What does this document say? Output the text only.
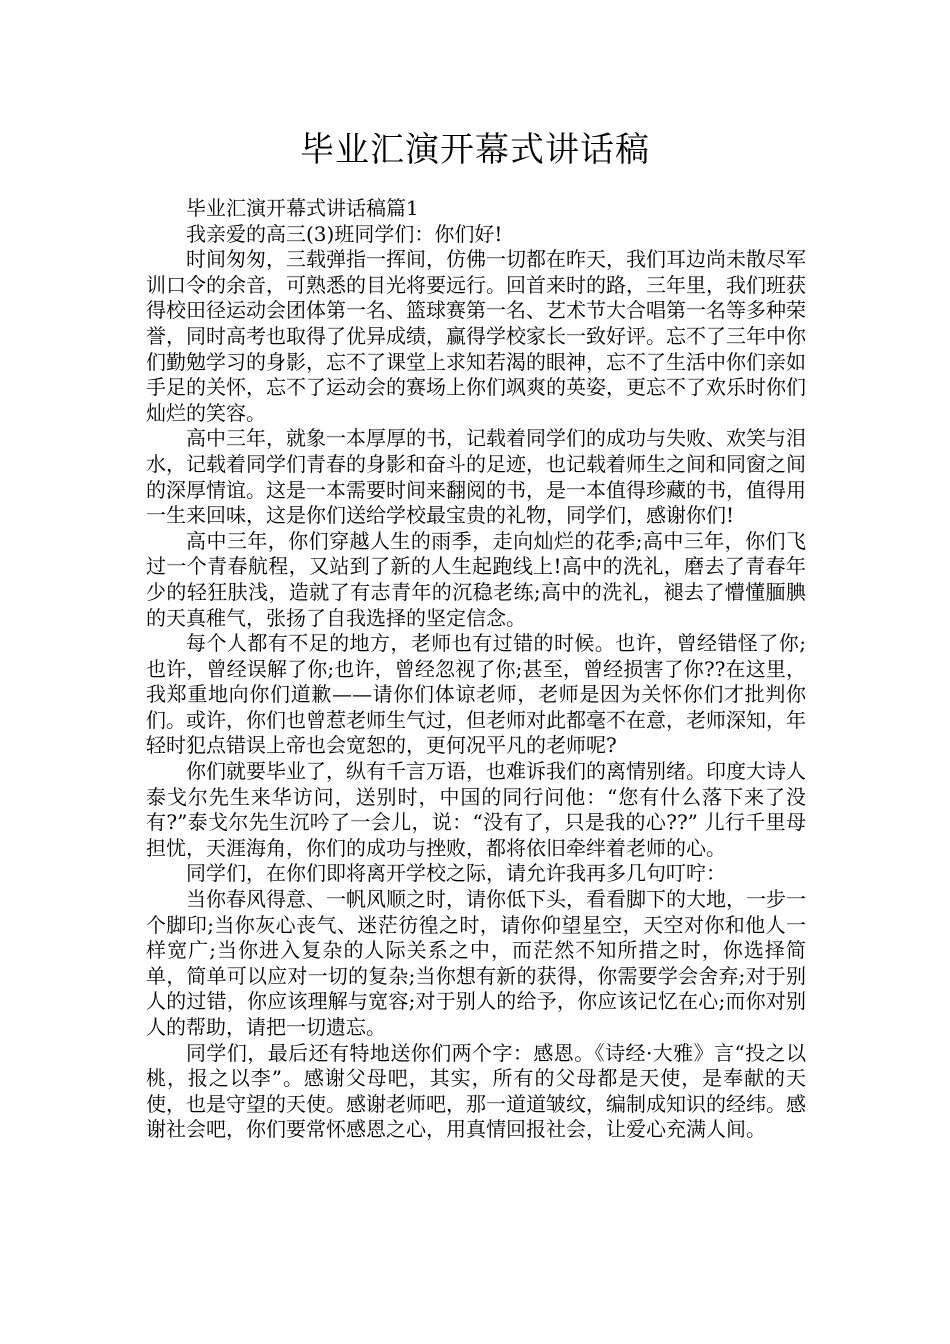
毕业汇演开幕式讲话稿

毕业汇演开幕式讲话稿篇1

我亲爱的高三(3)班同学们：你们好!

时间匆匆，三载弹指一挥间，仿佛一切都在昨天，我们耳边尚未散尽军训口令的余音，可熟悉的目光将要远行。回首来时的路，三年里，我们班获得校田径运动会团体第一名、篮球赛第一名、艺术节大合唱第一名等多种荣誉，同时高考也取得了优异成绩，赢得学校家长一致好评。忘不了三年中你们勤勉学习的身影，忘不了课堂上求知若渴的眼神，忘不了生活中你们亲如手足的关怀，忘不了运动会的赛场上你们飒爽的英姿，更忘不了欢乐时你们灿烂的笑容。

高中三年，就象一本厚厚的书，记载着同学们的成功与失败、欢笑与泪水，记载着同学们青春的身影和奋斗的足迹，也记载着师生之间和同窗之间的深厚情谊。这是一本需要时间来翻阅的书，是一本值得珍藏的书，值得用一生来回味，这是你们送给学校最宝贵的礼物，同学们，感谢你们!

高中三年，你们穿越人生的雨季，走向灿烂的花季;高中三年，你们飞过一个青春航程，又站到了新的人生起跑线上!高中的洗礼，磨去了青春年少的轻狂肤浅，造就了有志青年的沉稳老练;高中的洗礼，褪去了懵懂腼腆的天真稚气，张扬了自我选择的坚定信念。

每个人都有不足的地方，老师也有过错的时候。也许，曾经错怪了你;也许，曾经误解了你;也许，曾经忽视了你;甚至，曾经损害了你??在这里，我郑重地向你们道歉——请你们体谅老师，老师是因为关怀你们才批判你们。或许，你们也曾惹老师生气过，但老师对此都毫不在意，老师深知，年轻时犯点错误上帝也会宽恕的，更何况平凡的老师呢?

你们就要毕业了，纵有千言万语，也难诉我们的离情别绪。印度大诗人泰戈尔先生来华访问，送别时，中国的同行问他：“您有什么落下来了没有?”泰戈尔先生沉吟了一会儿，说：“没有了，只是我的心??” 儿行千里母担忧，天涯海角，你们的成功与挫败，都将依旧牵绊着老师的心。

同学们，在你们即将离开学校之际，请允许我再多几句叮咛：

当你春风得意、一帆风顺之时，请你低下头，看看脚下的大地，一步一个脚印;当你灰心丧气、迷茫彷徨之时，请你仰望星空，天空对你和他人一样宽广;当你进入复杂的人际关系之中，而茫然不知所措之时，你选择简单，简单可以应对一切的复杂;当你想有新的获得，你需要学会舍弃;对于别人的过错，你应该理解与宽容;对于别人的给予，你应该记忆在心;而你对别人的帮助，请把一切遗忘。

同学们，最后还有特地送你们两个字：感恩。《诗经·大雅》言“投之以桃，报之以李”。感谢父母吧，其实，所有的父母都是天使，是奉献的天使，也是守望的天使。感谢老师吧，那一道道皱纹，编制成知识的经纬。感谢社会吧，你们要常怀感恩之心，用真情回报社会，让爱心充满人间。
